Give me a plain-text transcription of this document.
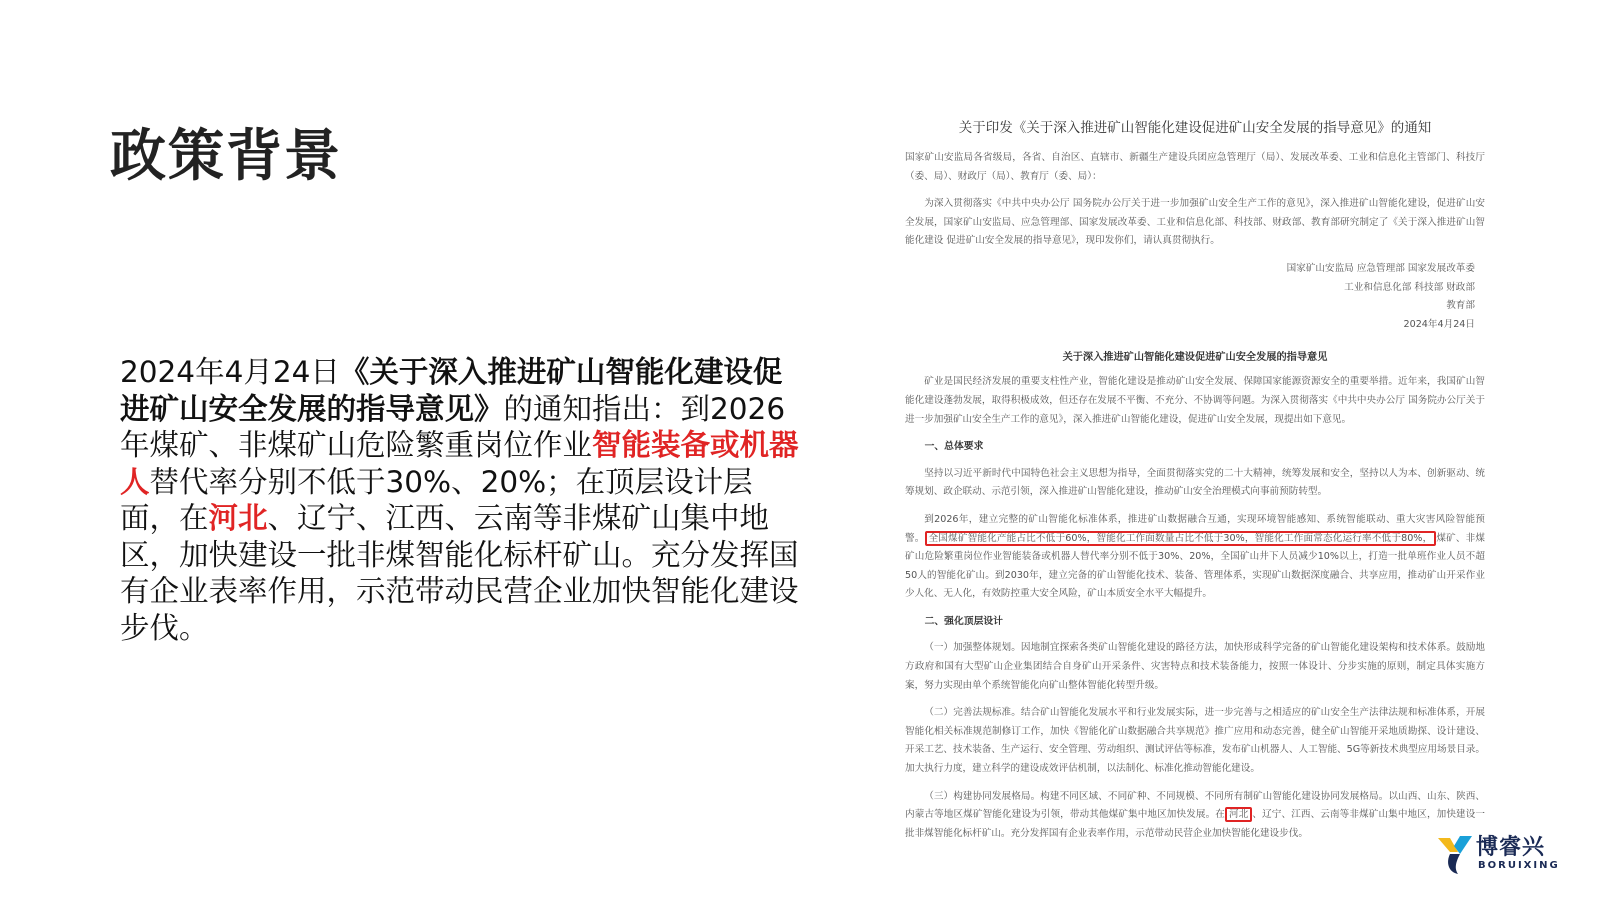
政策背景
2024年4月24日《关于深入推进矿山智能化建设促进矿山安全发展的指导意见》的通知指出：到2026年煤矿、非煤矿山危险繁重岗位作业智能装备或机器人替代率分别不低于30%、20%；在顶层设计层面，在河北、辽宁、江西、云南等非煤矿山集中地区，加快建设一批非煤智能化标杆矿山。充分发挥国有企业表率作用，示范带动民营企业加快智能化建设步伐。
关于印发《关于深入推进矿山智能化建设促进矿山安全发展的指导意见》的通知

国家矿山安监局各省级局，各省、自治区、直辖市、新疆生产建设兵团应急管理厅（局）、发展改革委、工业和信息化主管部门、科技厅（委、局）、财政厅（局）、教育厅（委、局）：

为深入贯彻落实《中共中央办公厅 国务院办公厅关于进一步加强矿山安全生产工作的意见》，深入推进矿山智能化建设，促进矿山安全发展，国家矿山安监局、应急管理部、国家发展改革委、工业和信息化部、科技部、财政部、教育部研究制定了《关于深入推进矿山智能化建设 促进矿山安全发展的指导意见》，现印发你们，请认真贯彻执行。

国家矿山安监局 应急管理部 国家发展改革委
工业和信息化部 科技部 财政部
教育部
2024年4月24日
关于深入推进矿山智能化建设促进矿山安全发展的指导意见

矿业是国民经济发展的重要支柱性产业，智能化建设是推动矿山安全发展、保障国家能源资源安全的重要举措。近年来，我国矿山智能化建设蓬勃发展，取得积极成效，但还存在发展不平衡、不充分、不协调等问题。为深入贯彻落实《中共中央办公厅 国务院办公厅关于进一步加强矿山安全生产工作的意见》，深入推进矿山智能化建设，促进矿山安全发展，现提出如下意见。

一、总体要求

坚持以习近平新时代中国特色社会主义思想为指导，全面贯彻落实党的二十大精神，统筹发展和安全，坚持以人为本、创新驱动、统筹规划、政企联动、示范引领，深入推进矿山智能化建设，推动矿山安全治理模式向事前预防转型。

到2026年，建立完整的矿山智能化标准体系，推进矿山数据融合互通，实现环境智能感知、系统智能联动、重大灾害风险智能预警。 全国煤矿智能化产能占比不低于60%，智能化工作面数量占比不低于30%，智能化工作面常态化运行率不低于80%， 煤矿、非煤矿山危险繁重岗位作业智能装备或机器人替代率分别不低于30%、20%，全国矿山井下人员减少10%以上，打造一批单班作业人员不超50人的智能化矿山。到2030年，建立完备的矿山智能化技术、装备、管理体系，实现矿山数据深度融合、共享应用，推动矿山开采作业少人化、无人化，有效防控重大安全风险，矿山本质安全水平大幅提升。

二、强化顶层设计

（一）加强整体规划。因地制宜探索各类矿山智能化建设的路径方法，加快形成科学完备的矿山智能化建设架构和技术体系。鼓励地方政府和国有大型矿山企业集团结合自身矿山开采条件、灾害特点和技术装备能力，按照一体设计、分步实施的原则，制定具体实施方案，努力实现由单个系统智能化向矿山整体智能化转型升级。

（二）完善法规标准。结合矿山智能化发展水平和行业发展实际，进一步完善与之相适应的矿山安全生产法律法规和标准体系，开展智能化相关标准规范制修订工作，加快《智能化矿山数据融合共享规范》推广应用和动态完善，健全矿山智能开采地质勘探、设计建设、开采工艺、技术装备、生产运行、安全管理、劳动组织、测试评估等标准，发布矿山机器人、人工智能、5G等新技术典型应用场景目录。加大执行力度，建立科学的建设成效评估机制，以法制化、标准化推动智能化建设。

（三）构建协同发展格局。构建不同区域、不同矿种、不同规模、不同所有制矿山智能化建设协同发展格局。以山西、山东、陕西、内蒙古等地区煤矿智能化建设为引领，带动其他煤矿集中地区加快发展。在 河北 、辽宁、江西、云南等非煤矿山集中地区，加快建设一批非煤智能化标杆矿山。充分发挥国有企业表率作用，示范带动民营企业加快智能化建设步伐。

博睿兴
BORUIXING
